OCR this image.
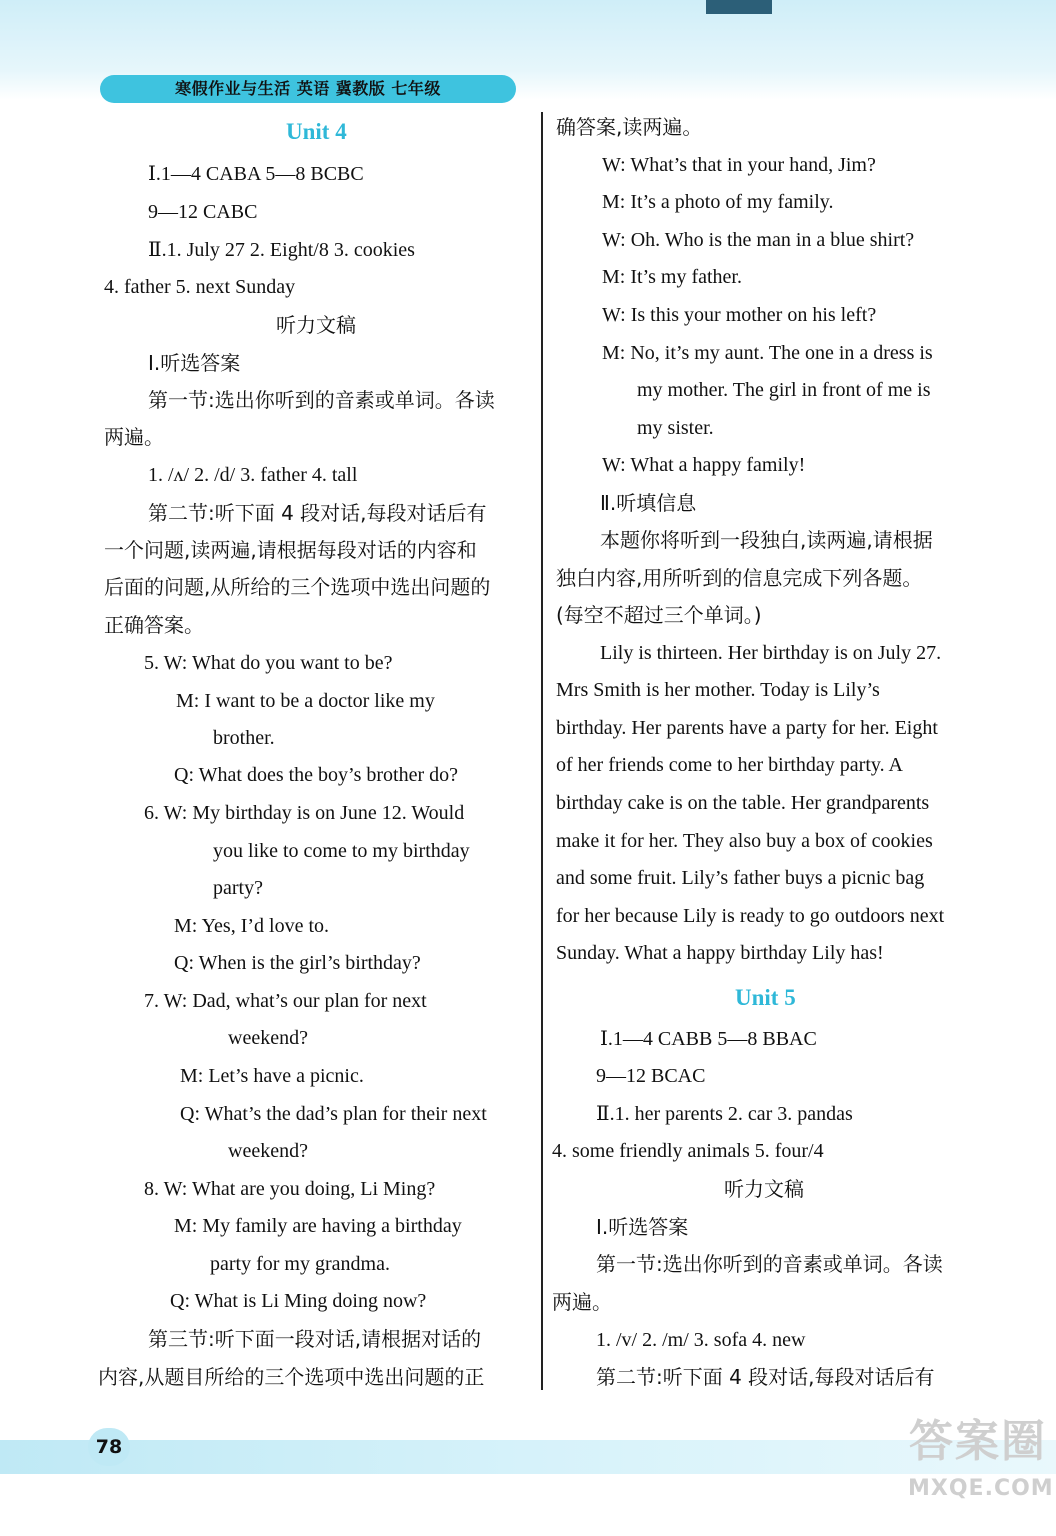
寒假作业与生活 英语 冀教版 七年级
Unit 4
Ⅰ.1—4 CABA 5—8 BCBC
9—12 CABC
Ⅱ.1. July 27 2. Eight/8 3. cookies
4. father 5. next Sunday
听力文稿
Ⅰ.听选答案
第一节:选出你听到的音素或单词。各读
两遍。
1. /ʌ/ 2. /d/ 3. father 4. tall
第二节:听下面 4 段对话,每段对话后有
一个问题,读两遍,请根据每段对话的内容和
后面的问题,从所给的三个选项中选出问题的
正确答案。
5. W: What do you want to be?
M: I want to be a doctor like my
brother.
Q: What does the boy’s brother do?
6. W: My birthday is on June 12. Would
you like to come to my birthday
party?
M: Yes, I’d love to.
Q: When is the girl’s birthday?
7. W: Dad, what’s our plan for next
weekend?
M: Let’s have a picnic.
Q: What’s the dad’s plan for their next
weekend?
8. W: What are you doing, Li Ming?
M: My family are having a birthday
party for my grandma.
Q: What is Li Ming doing now?
第三节:听下面一段对话,请根据对话的
内容,从题目所给的三个选项中选出问题的正
确答案,读两遍。
W: What’s that in your hand, Jim?
M: It’s a photo of my family.
W: Oh. Who is the man in a blue shirt?
M: It’s my father.
W: Is this your mother on his left?
M: No, it’s my aunt. The one in a dress is
my mother. The girl in front of me is
my sister.
W: What a happy family!
Ⅱ.听填信息
本题你将听到一段独白,读两遍,请根据
独白内容,用所听到的信息完成下列各题。
(每空不超过三个单词。)
Lily is thirteen. Her birthday is on July 27.
Mrs Smith is her mother. Today is Lily’s
birthday. Her parents have a party for her. Eight
of her friends come to her birthday party. A
birthday cake is on the table. Her grandparents
make it for her. They also buy a box of cookies
and some fruit. Lily’s father buys a picnic bag
for her because Lily is ready to go outdoors next
Sunday. What a happy birthday Lily has!
Unit 5
Ⅰ.1—4 CABB 5—8 BBAC
9—12 BCAC
Ⅱ.1. her parents 2. car 3. pandas
4. some friendly animals 5. four/4
听力文稿
Ⅰ.听选答案
第一节:选出你听到的音素或单词。各读
两遍。
1. /v/ 2. /m/ 3. sofa 4. new
第二节:听下面 4 段对话,每段对话后有
78	答案圈
MXQE.COM
